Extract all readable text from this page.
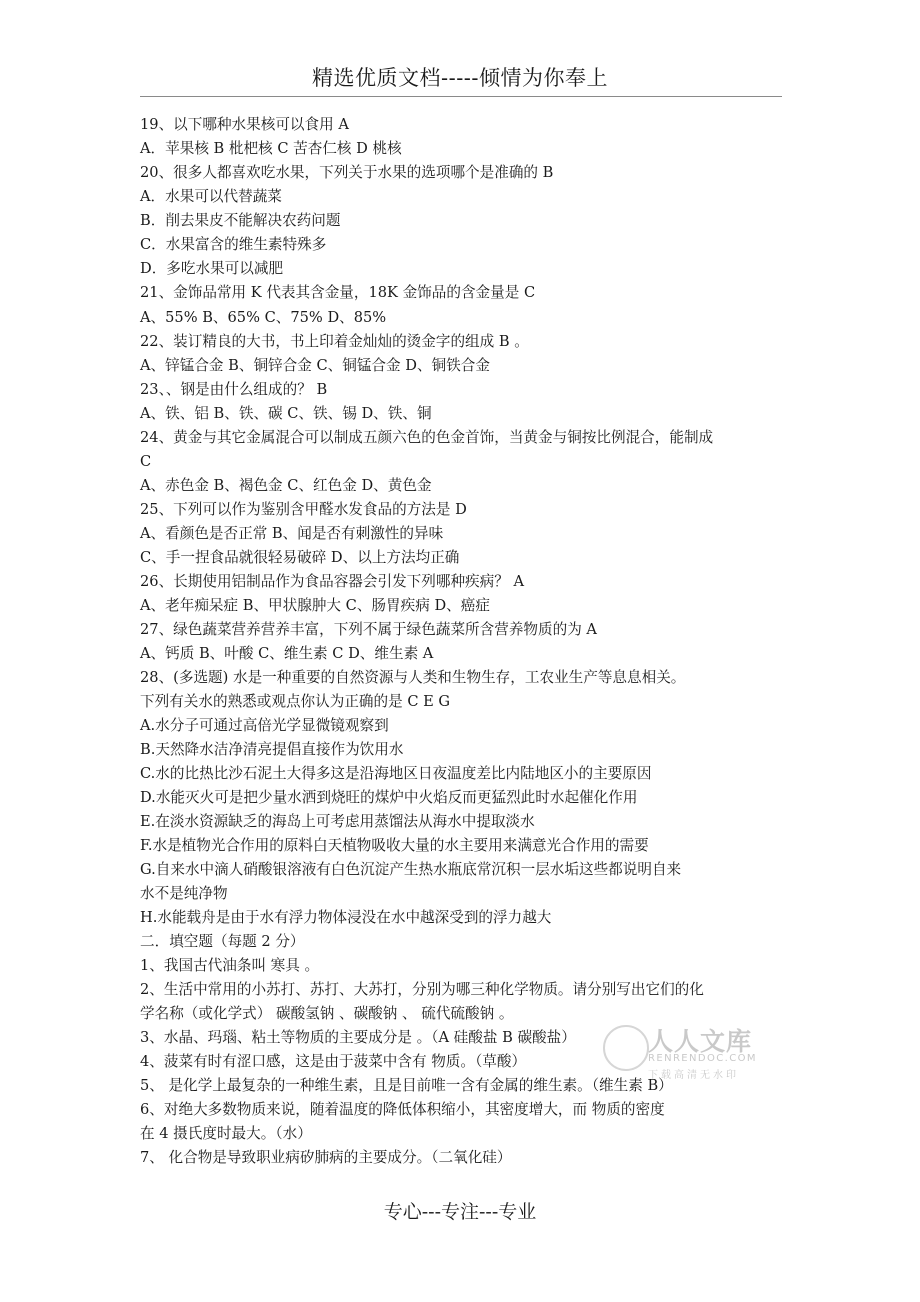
精选优质文档-----倾情为你奉上
19、以下哪种水果核可以食用 A
A．苹果核 B 枇杷核 C 苦杏仁核 D 桃核
20、很多人都喜欢吃水果，下列关于水果的选项哪个是准确的 B
A．水果可以代替蔬菜
B．削去果皮不能解决农药问题
C．水果富含的维生素特殊多
D．多吃水果可以减肥
21、金饰品常用 K 代表其含金量，18K 金饰品的含金量是 C
A、55% B、65% C、75% D、85%
22、装订精良的大书，书上印着金灿灿的烫金字的组成 B 。
A、锌锰合金 B、铜锌合金 C、铜锰合金 D、铜铁合金
23、、钢是由什么组成的？ B
A、铁、铝 B、铁、碳 C、铁、锡 D、铁、铜
24、黄金与其它金属混合可以制成五颜六色的色金首饰，当黄金与铜按比例混合，能制成
C
A、赤色金 B、褐色金 C、红色金 D、黄色金
25、下列可以作为鉴别含甲醛水发食品的方法是 D
A、看颜色是否正常 B、闻是否有刺激性的异味
C、手一捏食品就很轻易破碎 D、以上方法均正确
26、长期使用铝制品作为食品容器会引发下列哪种疾病？ A
A、老年痴呆症 B、甲状腺肿大 C、肠胃疾病 D、癌症
27、绿色蔬菜营养营养丰富，下列不属于绿色蔬菜所含营养物质的为 A
A、钙质 B、叶酸 C、维生素 C D、维生素 A
28、(多选题) 水是一种重要的自然资源与人类和生物生存，工农业生产等息息相关。
下列有关水的熟悉或观点你认为正确的是 C E G
A.水分子可通过高倍光学显微镜观察到
B.天然降水洁净清亮提倡直接作为饮用水
C.水的比热比沙石泥土大得多这是沿海地区日夜温度差比内陆地区小的主要原因
D.水能灭火可是把少量水洒到烧旺的煤炉中火焰反而更猛烈此时水起催化作用
E.在淡水资源缺乏的海岛上可考虑用蒸馏法从海水中提取淡水
F.水是植物光合作用的原料白天植物吸收大量的水主要用来满意光合作用的需要
G.自来水中滴人硝酸银溶液有白色沉淀产生热水瓶底常沉积一层水垢这些都说明自来
水不是纯净物
H.水能载舟是由于水有浮力物体浸没在水中越深受到的浮力越大
二．填空题（每题 2 分）
1、我国古代油条叫 寒具 。
2、生活中常用的小苏打、苏打、大苏打，分别为哪三种化学物质。请分别写出它们的化
学名称（或化学式） 碳酸氢钠 、碳酸钠 、 硫代硫酸钠 。
3、水晶、玛瑙、粘土等物质的主要成分是 。（A 硅酸盐 B 碳酸盐）
4、菠菜有时有涩口感，这是由于菠菜中含有 物质。（草酸）
5、 是化学上最复杂的一种维生素，且是目前唯一含有金属的维生素。（维生素 B）
6、对绝大多数物质来说，随着温度的降低体积缩小，其密度增大，而 物质的密度
在 4 摄氏度时最大。（水）
7、 化合物是导致职业病矽肺病的主要成分。（二氧化硅）
人人文库
RENRENDOC.COM
下载高清无水印
专心---专注---专业
